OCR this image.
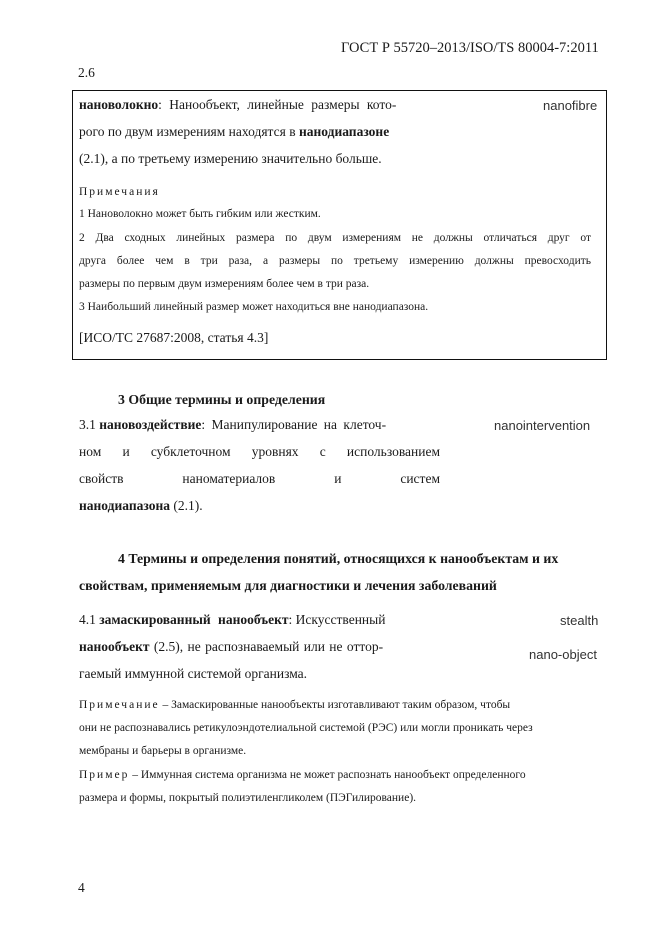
ГОСТ Р 55720–2013/ISO/TS 80004-7:2011
2.6
нановолокно: Нанообъект, линейные размеры кото-	nanofibre
рого по двум измерениям находятся в нанодиапазоне
(2.1), а по третьему измерению значительно больше.
Примечания
1 Нановолокно может быть гибким или жестким.
2 Два сходных линейных размера по двум измерениям не должны отличаться друг от
друга более чем в три раза, а размеры по третьему измерению должны превосходить
размеры по первым двум измерениям более чем в три раза.
3 Наибольший линейный размер может находиться вне нанодиапазона.
[ИСО/ТС 27687:2008, статья 4.3]
3 Общие термины и определения
3.1 нановоздействие: Манипулирование на клеточ-	nanointervention
ном и субклеточном уровнях с использованием
свойств	наноматериалов	и	систем
нанодиапазона (2.1).
4 Термины и определения понятий, относящихся к нанообъектам и их
свойствам, применяемым для диагностики и лечения заболеваний
4.1 замаскированный нанообъект: Искусственный	stealth
нанообъект (2.5), не распознаваемый или не оттор-
nano-object
гаемый иммунной системой организма.
Примечание – Замаскированные нанообъекты изготавливают таким образом, чтобы
они не распознавались ретикулоэндотелиальной системой (РЭС) или могли проникать через
мембраны и барьеры в организме.
Пример – Иммунная система организма не может распознать нанообъект определенного
размера и формы, покрытый полиэтиленгликолем (ПЭГилирование).
4
